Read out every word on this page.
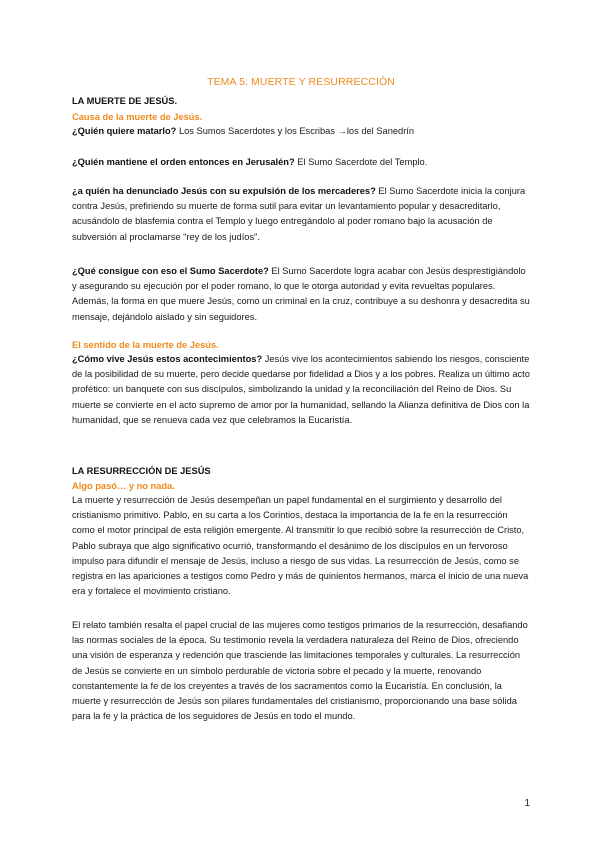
TEMA 5: MUERTE Y RESURRECCIÓN
LA MUERTE DE JESÚS.
Causa de la muerte de Jesús.

¿Quién quiere matarlo? Los Sumos Sacerdotes y los Escribas →los del Sanedrín

¿Quién mantiene el orden entonces en Jerusalén? El Sumo Sacerdote del Templo.

¿a quién ha denunciado Jesús con su expulsión de los mercaderes? El Sumo Sacerdote inicia la conjura contra Jesús, prefiriendo su muerte de forma sutil para evitar un levantamiento popular y desacreditarlo, acusándolo de blasfemia contra el Templo y luego entregándolo al poder romano bajo la acusación de subversión al proclamarse "rey de los judíos".

¿Qué consigue con eso el Sumo Sacerdote? El Sumo Sacerdote logra acabar con Jesús desprestigiándolo y asegurando su ejecución por el poder romano, lo que le otorga autoridad y evita revueltas populares. Además, la forma en que muere Jesús, como un criminal en la cruz, contribuye a su deshonra y desacredita su mensaje, dejándolo aislado y sin seguidores.

El sentido de la muerte de Jesús.

¿Cómo vive Jesús estos acontecimientos? Jesús vive los acontecimientos sabiendo los riesgos, consciente de la posibilidad de su muerte, pero decide quedarse por fidelidad a Dios y a los pobres. Realiza un último acto profético: un banquete con sus discípulos, simbolizando la unidad y la reconciliación del Reino de Dios. Su muerte se convierte en el acto supremo de amor por la humanidad, sellando la Alianza definitiva de Dios con la humanidad, que se renueva cada vez que celebramos la Eucaristía.

LA RESURRECCIÓN DE JESÚS
Algo pasó… y no nada.

La muerte y resurrección de Jesús desempeñan un papel fundamental en el surgimiento y desarrollo del cristianismo primitivo. Pablo, en su carta a los Corintios, destaca la importancia de la fe en la resurrección como el motor principal de esta religión emergente. Al transmitir lo que recibió sobre la resurrección de Cristo, Pablo subraya que algo significativo ocurrió, transformando el desánimo de los discípulos en un fervoroso impulso para difundir el mensaje de Jesús, incluso a riesgo de sus vidas. La resurrección de Jesús, como se registra en las apariciones a testigos como Pedro y más de quinientos hermanos, marca el inicio de una nueva era y fortalece el movimiento cristiano.

El relato también resalta el papel crucial de las mujeres como testigos primarios de la resurrección, desafiando las normas sociales de la época. Su testimonio revela la verdadera naturaleza del Reino de Dios, ofreciendo una visión de esperanza y redención que trasciende las limitaciones temporales y culturales. La resurrección de Jesús se convierte en un símbolo perdurable de victoria sobre el pecado y la muerte, renovando constantemente la fe de los creyentes a través de los sacramentos como la Eucaristía. En conclusión, la muerte y resurrección de Jesús son pilares fundamentales del cristianismo, proporcionando una base sólida para la fe y la práctica de los seguidores de Jesús en todo el mundo.

1
